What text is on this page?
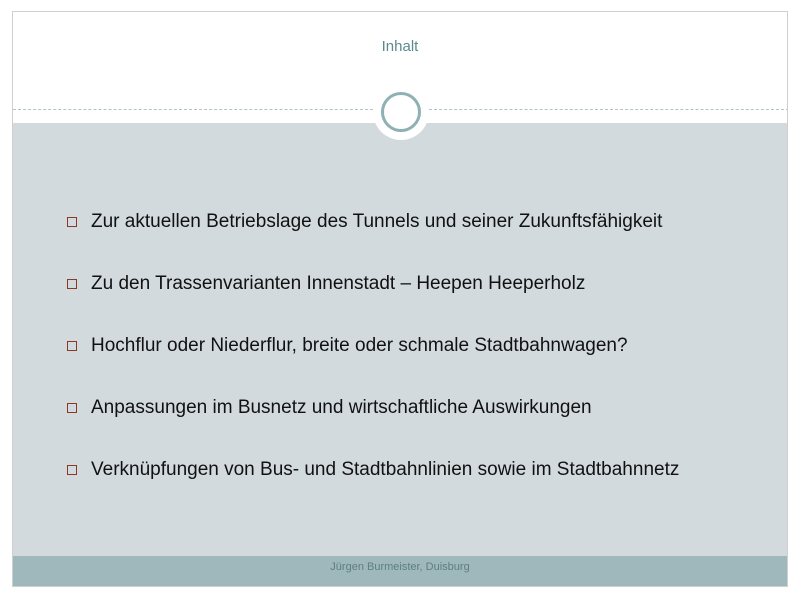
Inhalt
Zur aktuellen Betriebslage des Tunnels und seiner Zukunftsfähigkeit
Zu den Trassenvarianten Innenstadt – Heepen Heeperholz
Hochflur oder Niederflur, breite oder schmale Stadtbahnwagen?
Anpassungen im Busnetz und wirtschaftliche Auswirkungen
Verknüpfungen von Bus- und Stadtbahnlinien sowie im Stadtbahnnetz
Jürgen Burmeister, Duisburg
